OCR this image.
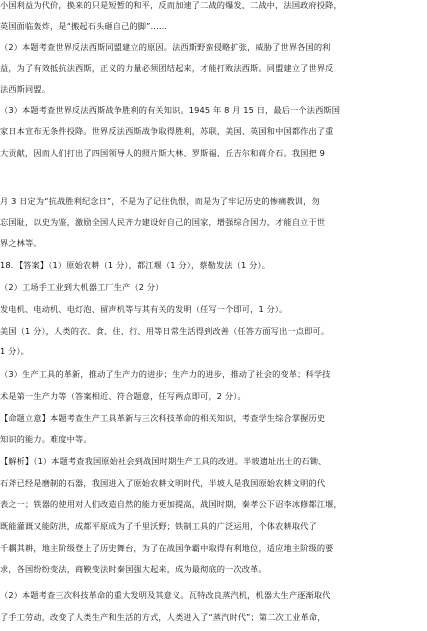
小国利益为代价，换来的只是短暂的和平，反而加速了二战的爆发，二战中，法国政府投降，
英国面临轰炸，是“搬起石头砸自己的脚”……
（2）本题考查世界反法西斯同盟建立的原因。法西斯野蛮侵略扩张，威胁了世界各国的利
益，为了有效抵抗法西斯，正义的力量必须团结起来，才能打败法西斯。同盟建立了世界反
法西斯同盟。
（3）本题考查世界反法西斯战争胜利的有关知识。1945 年 8 月 15 日，最后一个法西斯国
家日本宣布无条件投降。世界反法西斯战争取得胜利，苏联、美国、英国和中国都作出了重
大贡献，因而人们打出了四国领导人的照片斯大林、罗斯福、丘吉尔和蒋介石。我国把 9
月 3 日定为“抗战胜利纪念日”，不是为了记住仇恨，而是为了牢记历史的惨痛教训，勿
忘国耻，以史为鉴，激励全国人民齐力建设好自己的国家，增强综合国力，才能自立于世
界之林等。
18．【答案】（1）原始农耕（1 分），都江堰（1 分），蔡勒发法（1 分）。
（2）工场手工业到大机器工厂生产（2 分）
发电机、电动机、电灯泡、留声机等与其有关的发明（任写一个即可，1 分）。
美国（1 分），人类的衣、食、住、行、用等日常生活得到改善（任答方面写出一点即可。
1 分）。
（3）生产工具的革新，推动了生产力的进步；生产力的进步，推动了社会的变革；科学技
术是第一生产力等（答案相近、符合题意，任写两点即可，2 分）。
【命题立意】本题考查生产工具革新与三次科技革命的相关知识，考查学生综合掌握历史
知识的能力。难度中等。
【解析】（1）本题考查我国原始社会到战国时期生产工具的改进。半坡遗址出土的石锄、
石斧已经是磨制的石器，我国进入了原始农耕文明时代，半坡人是我国原始农耕文明的代
表之一；铁器的使用对人们改造自然的能力更加提高，战国时期，秦孝公下诏李冰修都江堰，
既能灌溉又能防洪，成都平原成为了千里沃野；铁制工具的广泛运用，个体农耕取代了
千耦其耕，地主阶级登上了历史舞台，为了在战国争霸中取得有利地位，适应地主阶级的要
求，各国纷纷变法，商鞅变法时秦国强大起来，成为最彻底的一次改革。
（2）本题考查三次科技革命的重大发明及其意义。瓦特改良蒸汽机，机器大生产逐渐取代
了手工劳动，改变了人类生产和生活的方式，人类进入了“蒸汽时代”；第二次工业革命，
